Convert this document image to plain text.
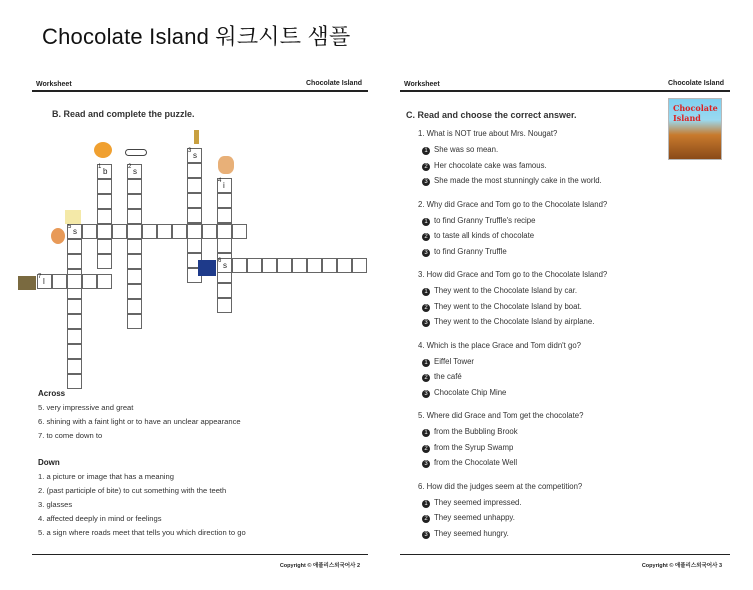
Chocolate Island 워크시트 샘플
Worksheet	Chocolate Island
B. Read and complete the puzzle.
1 b	2 s
3 s
4 i
5 s
6 s
7 l
Across
5. very impressive and great
6. shining with a faint light or to have an unclear appearance
7. to come down to
Down
1. a picture or image that has a meaning
2. (past participle of bite) to cut something with the teeth
3. glasses
4. affected deeply in mind or feelings
5. a sign where roads meet that tells you which direction to go
Copyright © 애플리스외국어사 2
Worksheet	Chocolate Island
C. Read and choose the correct answer.
Chocolate Island
1. What is NOT true about Mrs. Nougat?
1 She was so mean.
2 Her chocolate cake was famous.
3 She made the most stunningly cake in the world.
2. Why did Grace and Tom go to the Chocolate Island?
1 to find Granny Truffle's recipe
2 to taste all kinds of chocolate
3 to find Granny Truffle
3. How did Grace and Tom go to the Chocolate Island?
1 They went to the Chocolate Island by car.
2 They went to the Chocolate Island by boat.
3 They went to the Chocolate Island by airplane.
4. Which is the place Grace and Tom didn't go?
1 Eiffel Tower
2 the café
3 Chocolate Chip Mine
5. Where did Grace and Tom get the chocolate?
1 from the Bubbling Brook
2 from the Syrup Swamp
3 from the Chocolate Well
6. How did the judges seem at the competition?
1 They seemed impressed.
2 They seemed unhappy.
3 They seemed hungry.
Copyright © 애플리스외국어사 3
